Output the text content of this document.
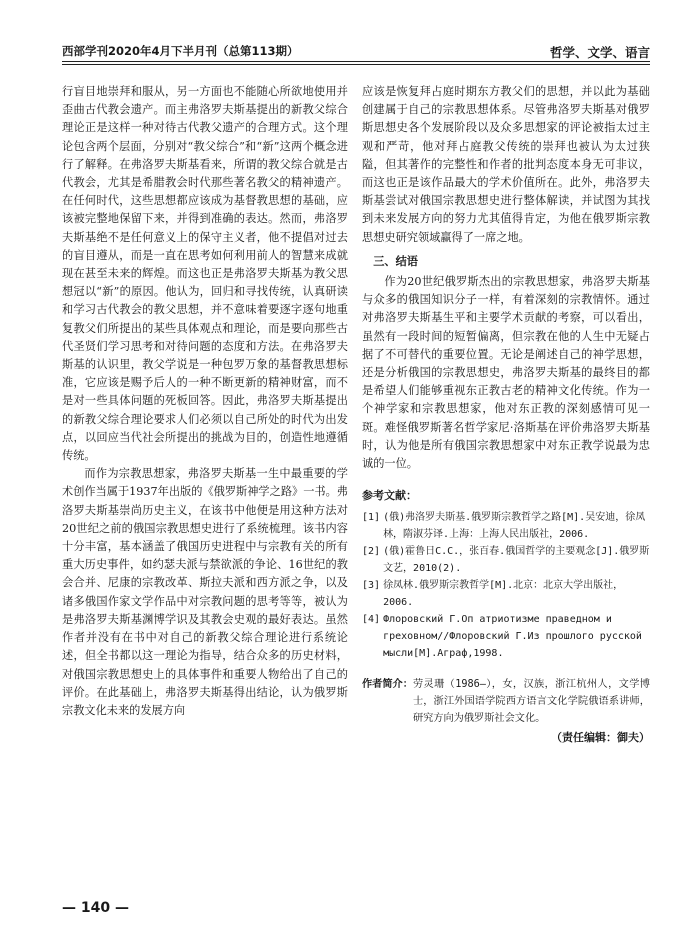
西部学刊2020年4月下半月刊（总第113期）	哲学、文学、语言

行盲目地崇拜和服从，另一方面也不能随心所欲地使用并歪曲古代教会遗产。而主弗洛罗夫斯基提出的新教父综合理论正是这样一种对待古代教父遗产的合理方式。这个理论包含两个层面，分别对“教父综合”和“新”这两个概念进行了解释。在弗洛罗夫斯基看来，所谓的教父综合就是古代教会，尤其是希腊教会时代那些著名教父的精神遗产。在任何时代，这些思想都应该成为基督教思想的基础，应该被完整地保留下来，并得到准确的表达。然而，弗洛罗夫斯基绝不是任何意义上的保守主义者，他不提倡对过去的盲目遵从，而是一直在思考如何利用前人的智慧来成就现在甚至未来的辉煌。而这也正是弗洛罗夫斯基为教父思想冠以“新”的原因。他认为，回归和寻找传统，认真研读和学习古代教会的教父思想，并不意味着要逐字逐句地重复教父们所提出的某些具体观点和理论，而是要向那些古代圣贤们学习思考和对待问题的态度和方法。在弗洛罗夫斯基的认识里，教父学说是一种包罗万象的基督教思想标准，它应该是赐予后人的一种不断更新的精神财富，而不是对一些具体问题的死板回答。因此，弗洛罗夫斯基提出的新教父综合理论要求人们必须以自己所处的时代为出发点，以回应当代社会所提出的挑战为目的，创造性地遵循传统。

而作为宗教思想家，弗洛罗夫斯基一生中最重要的学术创作当属于1937年出版的《俄罗斯神学之路》一书。弗洛罗夫斯基崇尚历史主义，在该书中他便是用这种方法对20世纪之前的俄国宗教思想史进行了系统梳理。该书内容十分丰富，基本涵盖了俄国历史进程中与宗教有关的所有重大历史事件，如约瑟夫派与禁欲派的争论、16世纪的教会合并、尼康的宗教改革、斯拉夫派和西方派之争，以及诸多俄国作家文学作品中对宗教问题的思考等等，被认为是弗洛罗夫斯基渊博学识及其教会史观的最好表达。虽然作者并没有在书中对自己的新教父综合理论进行系统论述，但全书都以这一理论为指导，结合众多的历史材料，对俄国宗教思想史上的具体事件和重要人物给出了自己的评价。在此基础上，弗洛罗夫斯基得出结论，认为俄罗斯宗教文化未来的发展方向

应该是恢复拜占庭时期东方教父们的思想，并以此为基础创建属于自己的宗教思想体系。尽管弗洛罗夫斯基对俄罗斯思想史各个发展阶段以及众多思想家的评论被指太过主观和严苛，他对拜占庭教父传统的崇拜也被认为太过狭隘，但其著作的完整性和作者的批判态度本身无可非议，而这也正是该作品最大的学术价值所在。此外，弗洛罗夫斯基尝试对俄国宗教思想史进行整体解读，并试图为其找到未来发展方向的努力尤其值得肯定，为他在俄罗斯宗教思想史研究领域赢得了一席之地。

三、结语

作为20世纪俄罗斯杰出的宗教思想家，弗洛罗夫斯基与众多的俄国知识分子一样，有着深刻的宗教情怀。通过对弗洛罗夫斯基生平和主要学术贡献的考察，可以看出，虽然有一段时间的短暂偏离，但宗教在他的人生中无疑占据了不可替代的重要位置。无论是阐述自己的神学思想，还是分析俄国的宗教思想史，弗洛罗夫斯基的最终目的都是希望人们能够重视东正教古老的精神文化传统。作为一个神学家和宗教思想家，他对东正教的深刻感情可见一斑。难怪俄罗斯著名哲学家尼·洛斯基在评价弗洛罗夫斯基时，认为他是所有俄国宗教思想家中对东正教学说最为忠诚的一位。

参考文献：
[1] (俄)弗洛罗夫斯基.俄罗斯宗教哲学之路[M].吴安迪，徐凤林，隋淑芬译.上海：上海人民出版社，2006.
[2] (俄)霍鲁日С.С.，张百春.俄国哲学的主要观念[J].俄罗斯文艺，2010(2).
[3] 徐凤林.俄罗斯宗教哲学[M].北京：北京大学出版社，2006.
[4] Флоровский Г.Оп атриотизме праведном и греховном//Флоровский Г.Из прошлого русской мысли[М].Аграф,1998.
作者简介： 劳灵珊（1986—），女，汉族，浙江杭州人，文学博士，浙江外国语学院西方语言文化学院俄语系讲师，研究方向为俄罗斯社会文化。
（责任编辑：御夫）
— 140 —
